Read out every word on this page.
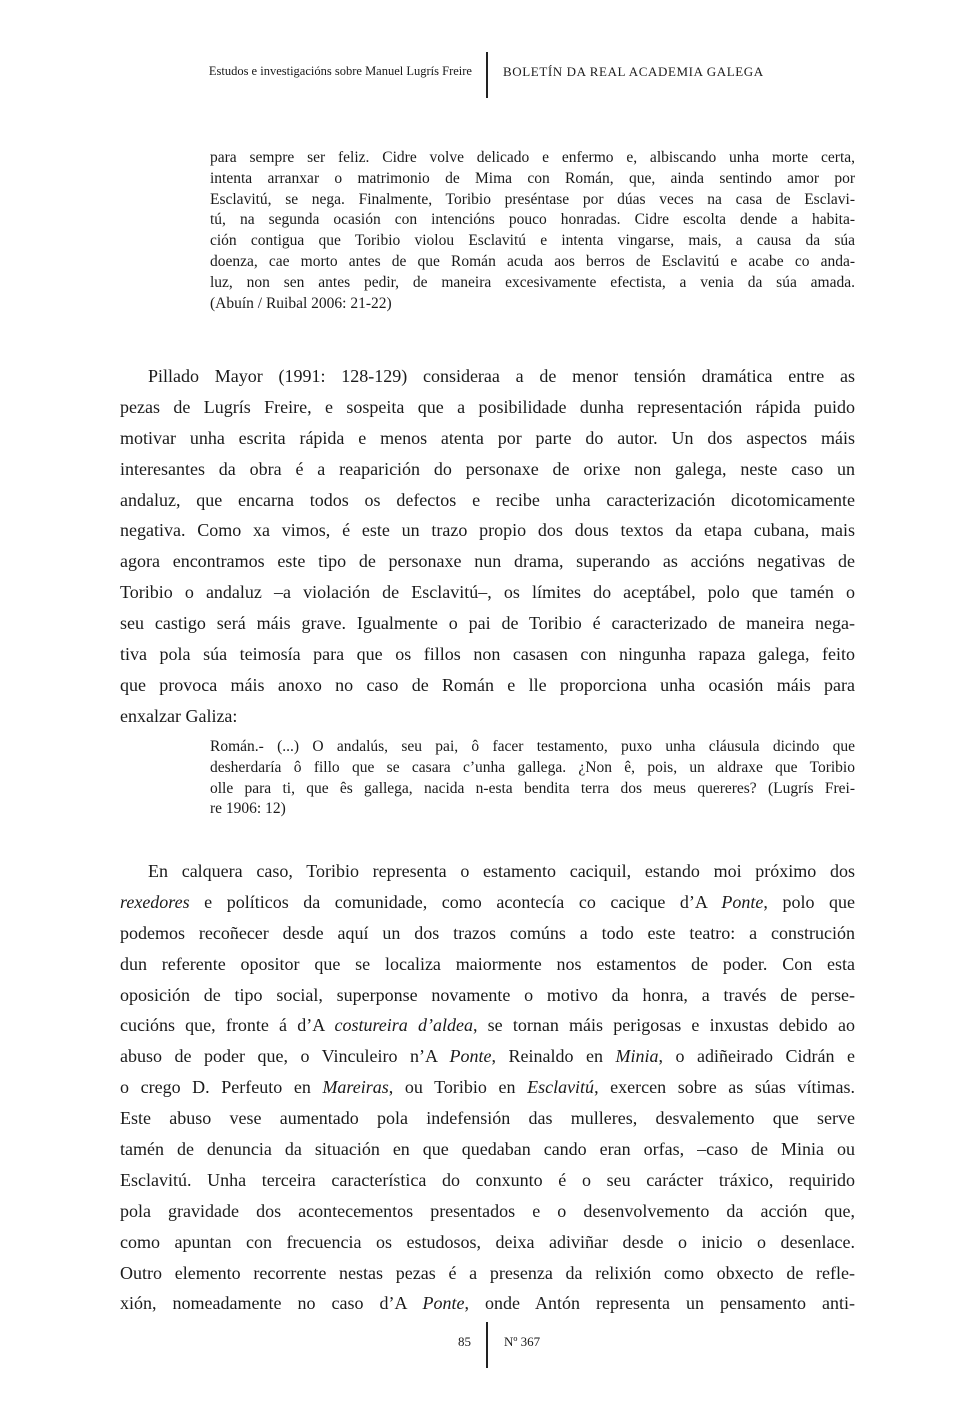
Estudos e investigacións sobre Manuel Lugrís Freire BOLETÍN DA REAL ACADEMIA GALEGA
para sempre ser feliz. Cidre volve delicado e enfermo e, albiscando unha morte certa,
intenta arranxar o matrimonio de Mima con Román, que, ainda sentindo amor por
Esclavitú, se nega. Finalmente, Toribio preséntase por dúas veces na casa de Esclavi-
tú, na segunda ocasión con intencións pouco honradas. Cidre escolta dende a habita-
ción contigua que Toribio violou Esclavitú e intenta vingarse, mais, a causa da súa
doenza, cae morto antes de que Román acuda aos berros de Esclavitú e acabe co anda-
luz, non sen antes pedir, de maneira excesivamente efectista, a venia da súa amada.
(Abuín / Ruibal 2006: 21-22)
Pillado Mayor (1991: 128-129) consideraa a de menor tensión dramática entre as
pezas de Lugrís Freire, e sospeita que a posibilidade dunha representación rápida puido
motivar unha escrita rápida e menos atenta por parte do autor. Un dos aspectos máis
interesantes da obra é a reaparición do personaxe de orixe non galega, neste caso un
andaluz, que encarna todos os defectos e recibe unha caracterización dicotomicamente
negativa. Como xa vimos, é este un trazo propio dos dous textos da etapa cubana, mais
agora encontramos este tipo de personaxe nun drama, superando as accións negativas de
Toribio o andaluz –a violación de Esclavitú–, os límites do aceptábel, polo que tamén o
seu castigo será máis grave. Igualmente o pai de Toribio é caracterizado de maneira nega-
tiva pola súa teimosía para que os fillos non casasen con ningunha rapaza galega, feito
que provoca máis anoxo no caso de Román e lle proporciona unha ocasión máis para
enxalzar Galiza:
Román.- (...) O andalús, seu pai, ô facer testamento, puxo unha cláusula dicindo que
desherdaría ô fillo que se casara c’unha gallega. ¿Non ê, pois, un aldraxe que Toribio
olle para ti, que ês gallega, nacida n-esta bendita terra dos meus quereres? (Lugrís Frei-
re 1906: 12)
En calquera caso, Toribio representa o estamento caciquil, estando moi próximo dos
rexedores e políticos da comunidade, como acontecía co cacique d’A Ponte, polo que
podemos recoñecer desde aquí un dos trazos comúns a todo este teatro: a construción
dun referente opositor que se localiza maiormente nos estamentos de poder. Con esta
oposición de tipo social, superponse novamente o motivo da honra, a través de perse-
cucións que, fronte á d’A costureira d’aldea, se tornan máis perigosas e inxustas debido ao
abuso de poder que, o Vinculeiro n’A Ponte, Reinaldo en Minia, o adiñeirado Cidrán e
o crego D. Perfeuto en Mareiras, ou Toribio en Esclavitú, exercen sobre as súas vítimas.
Este abuso vese aumentado pola indefensión das mulleres, desvalemento que serve
tamén de denuncia da situación en que quedaban cando eran orfas, –caso de Minia ou
Esclavitú. Unha terceira característica do conxunto é o seu carácter tráxico, requirido
pola gravidade dos acontecementos presentados e o desenvolvemento da acción que,
como apuntan con frecuencia os estudosos, deixa adiviñar desde o inicio o desenlace.
Outro elemento recorrente nestas pezas é a presenza da relixión como obxecto de refle-
xión, nomeadamente no caso d’A Ponte, onde Antón representa un pensamento anti-
85	Nº 367
